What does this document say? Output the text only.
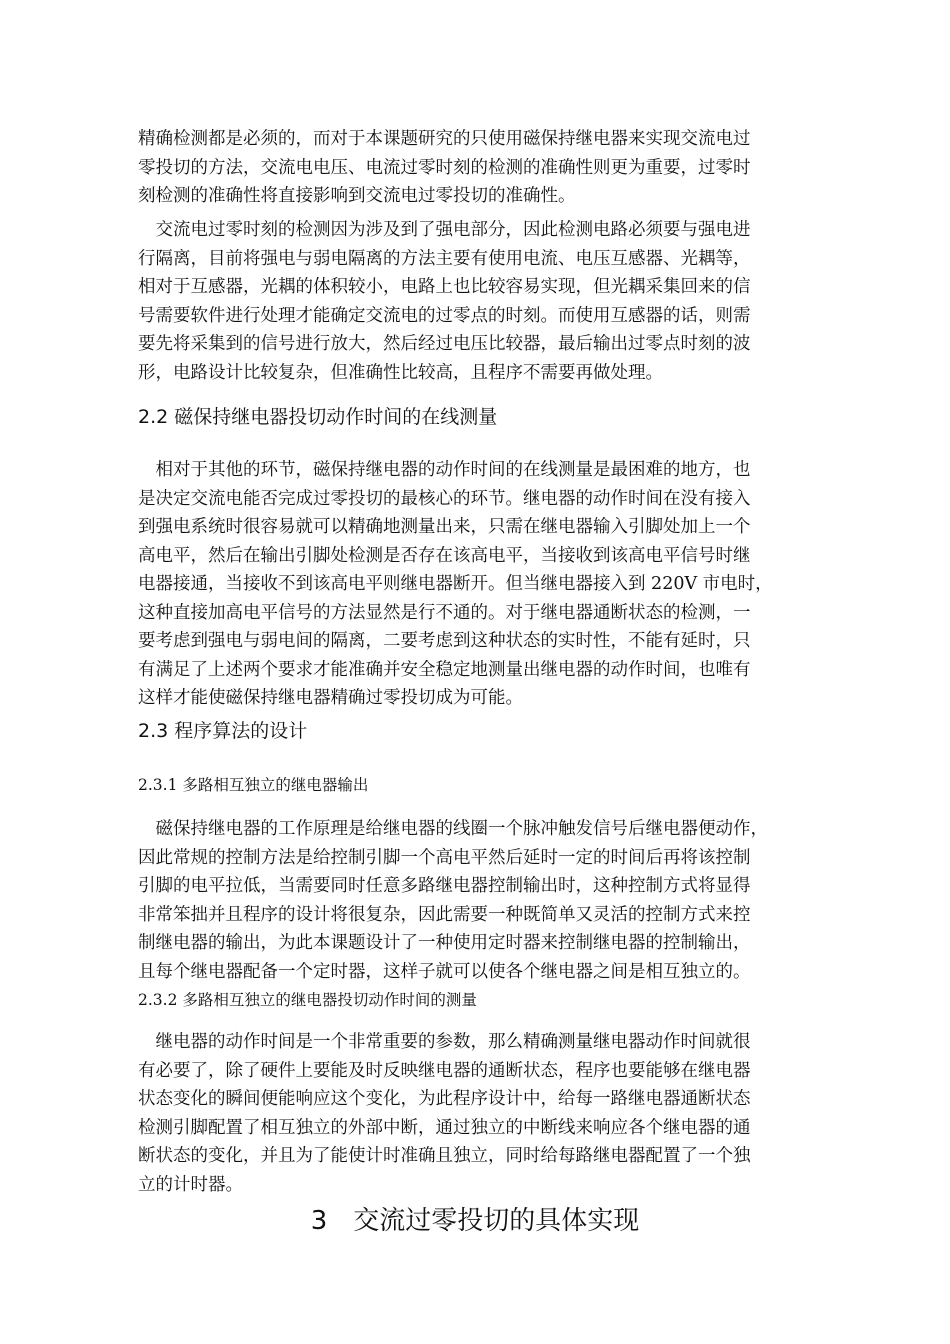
精确检测都是必须的，而对于本课题研究的只使用磁保持继电器来实现交流电过
零投切的方法，交流电电压、电流过零时刻的检测的准确性则更为重要，过零时
刻检测的准确性将直接影响到交流电过零投切的准确性。
　交流电过零时刻的检测因为涉及到了强电部分，因此检测电路必须要与强电进
行隔离，目前将强电与弱电隔离的方法主要有使用电流、电压互感器、光耦等，
相对于互感器，光耦的体积较小，电路上也比较容易实现，但光耦采集回来的信
号需要软件进行处理才能确定交流电的过零点的时刻。而使用互感器的话，则需
要先将采集到的信号进行放大，然后经过电压比较器，最后输出过零点时刻的波
形，电路设计比较复杂，但准确性比较高，且程序不需要再做处理。
2.2 磁保持继电器投切动作时间的在线测量
　相对于其他的环节，磁保持继电器的动作时间的在线测量是最困难的地方，也
是决定交流电能否完成过零投切的最核心的环节。继电器的动作时间在没有接入
到强电系统时很容易就可以精确地测量出来，只需在继电器输入引脚处加上一个
高电平，然后在输出引脚处检测是否存在该高电平，当接收到该高电平信号时继
电器接通，当接收不到该高电平则继电器断开。但当继电器接入到 220V 市电时，
这种直接加高电平信号的方法显然是行不通的。对于继电器通断状态的检测，一
要考虑到强电与弱电间的隔离，二要考虑到这种状态的实时性，不能有延时，只
有满足了上述两个要求才能准确并安全稳定地测量出继电器的动作时间，也唯有
这样才能使磁保持继电器精确过零投切成为可能。
2.3 程序算法的设计
2.3.1 多路相互独立的继电器输出
　磁保持继电器的工作原理是给继电器的线圈一个脉冲触发信号后继电器便动作，
因此常规的控制方法是给控制引脚一个高电平然后延时一定的时间后再将该控制
引脚的电平拉低，当需要同时任意多路继电器控制输出时，这种控制方式将显得
非常笨拙并且程序的设计将很复杂，因此需要一种既简单又灵活的控制方式来控
制继电器的输出，为此本课题设计了一种使用定时器来控制继电器的控制输出，
且每个继电器配备一个定时器，这样子就可以使各个继电器之间是相互独立的。
2.3.2 多路相互独立的继电器投切动作时间的测量
　继电器的动作时间是一个非常重要的参数，那么精确测量继电器动作时间就很
有必要了，除了硬件上要能及时反映继电器的通断状态，程序也要能够在继电器
状态变化的瞬间便能响应这个变化，为此程序设计中，给每一路继电器通断状态
检测引脚配置了相互独立的外部中断，通过独立的中断线来响应各个继电器的通
断状态的变化，并且为了能使计时准确且独立，同时给每路继电器配置了一个独
立的计时器。
3　交流过零投切的具体实现
